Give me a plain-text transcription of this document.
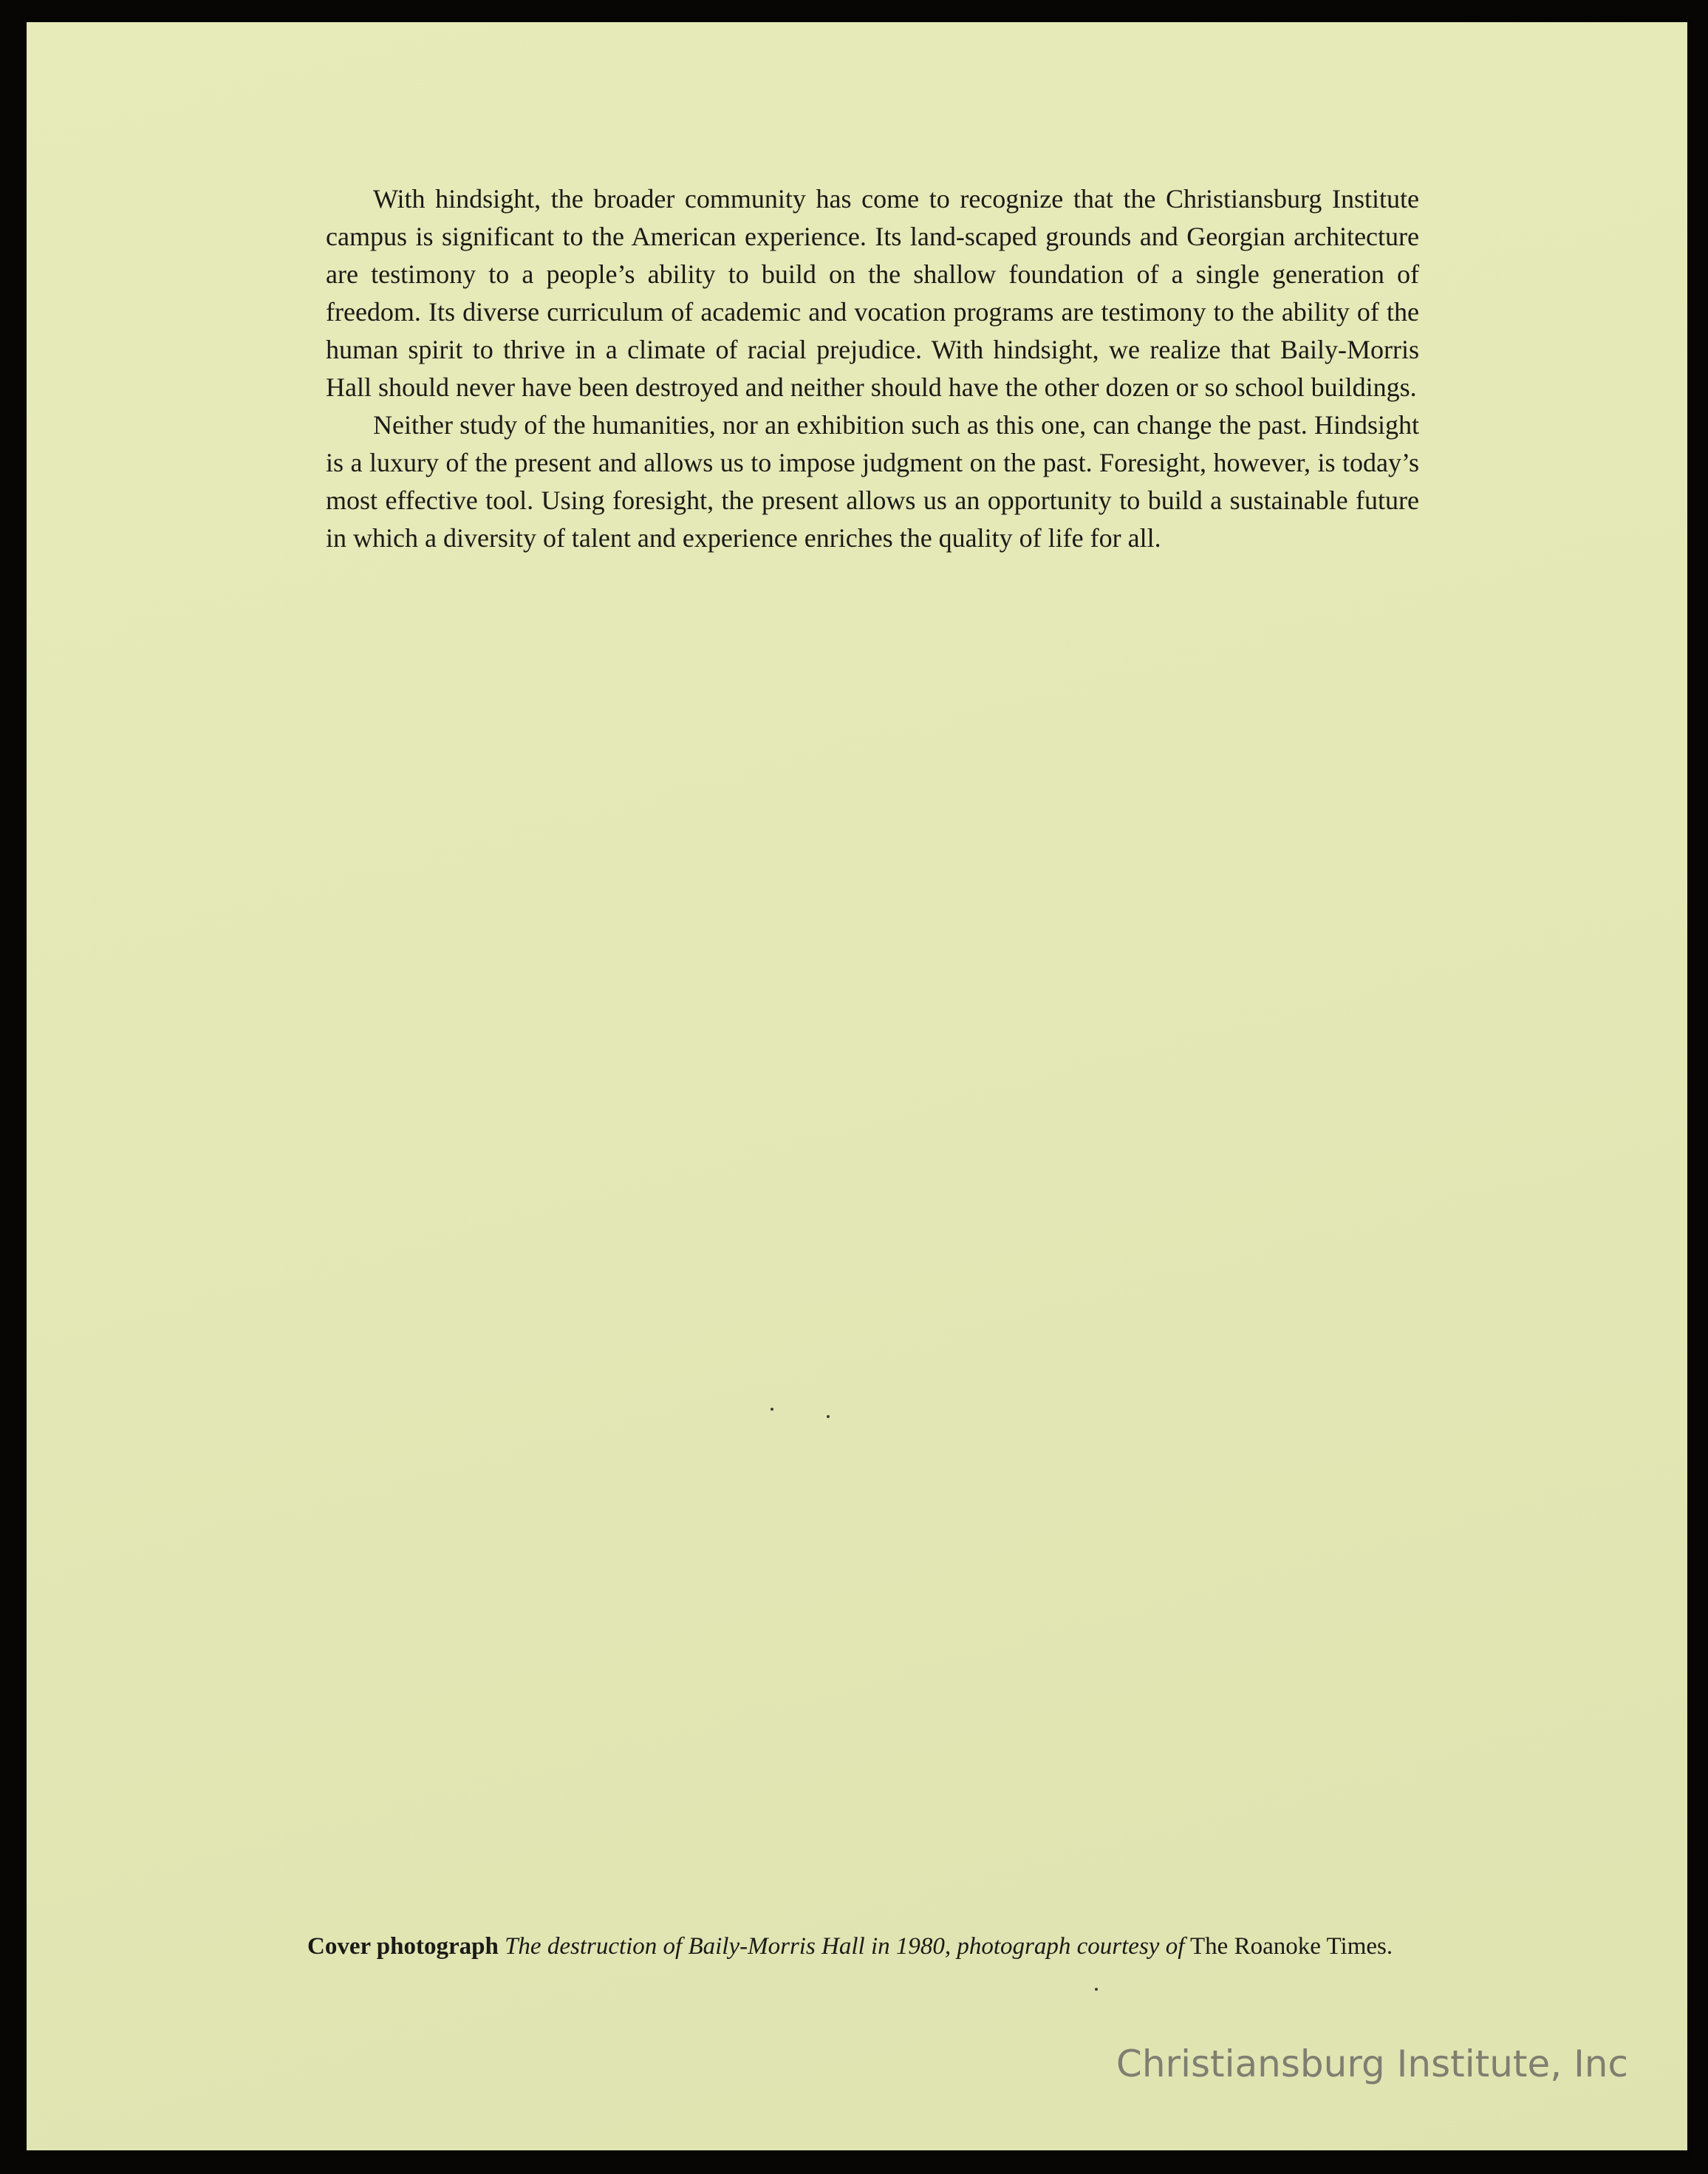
With hindsight, the broader community has come to recognize that the Christiansburg Institute campus is significant to the American experience. Its land-scaped grounds and Georgian architecture are testimony to a people’s ability to build on the shallow foundation of a single generation of freedom. Its diverse curriculum of academic and vocation programs are testimony to the ability of the human spirit to thrive in a climate of racial prejudice. With hindsight, we realize that Baily-Morris Hall should never have been destroyed and neither should have the other dozen or so school buildings.

Neither study of the humanities, nor an exhibition such as this one, can change the past. Hindsight is a luxury of the present and allows us to impose judgment on the past. Foresight, however, is today’s most effective tool. Using foresight, the present allows us an opportunity to build a sustainable future in which a diversity of talent and experience enriches the quality of life for all.

Cover photograph The destruction of Baily-Morris Hall in 1980, photograph courtesy of The Roanoke Times.
Christiansburg Institute, Inc
